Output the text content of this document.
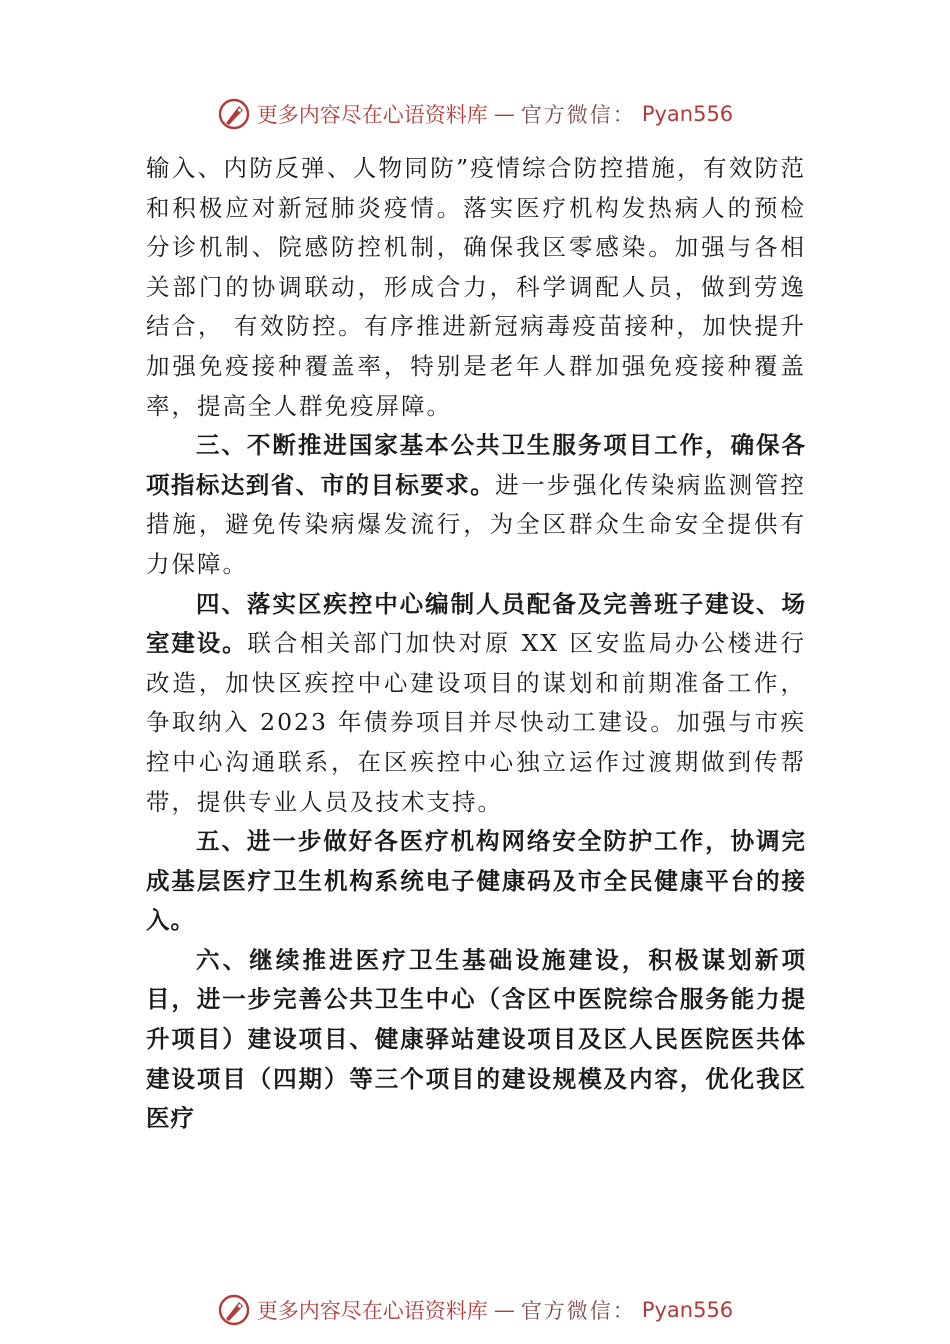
更多内容尽在心语资料库 — 官方微信： Pyan556

输入、内防反弹、人物同防”疫情综合防控措施，有效防范和积极应对新冠肺炎疫情。落实医疗机构发热病人的预检分诊机制、院感防控机制，确保我区零感染。加强与各相关部门的协调联动，形成合力，科学调配人员，做到劳逸结合， 有效防控。有序推进新冠病毒疫苗接种，加快提升加强免疫接种覆盖率，特别是老年人群加强免疫接种覆盖率，提高全人群免疫屏障。

三、不断推进国家基本公共卫生服务项目工作，确保各项指标达到省、市的目标要求。进一步强化传染病监测管控措施，避免传染病爆发流行，为全区群众生命安全提供有力保障。

四、落实区疾控中心编制人员配备及完善班子建设、场室建设。联合相关部门加快对原 XX 区安监局办公楼进行改造，加快区疾控中心建设项目的谋划和前期准备工作，争取纳入 2023 年债券项目并尽快动工建设。加强与市疾控中心沟通联系，在区疾控中心独立运作过渡期做到传帮带，提供专业人员及技术支持。

五、进一步做好各医疗机构网络安全防护工作，协调完成基层医疗卫生机构系统电子健康码及市全民健康平台的接入。

六、继续推进医疗卫生基础设施建设，积极谋划新项目，进一步完善公共卫生中心（含区中医院综合服务能力提升项目）建设项目、健康驿站建设项目及区人民医院医共体建设项目（四期）等三个项目的建设规模及内容，优化我区医疗

更多内容尽在心语资料库 — 官方微信： Pyan556
